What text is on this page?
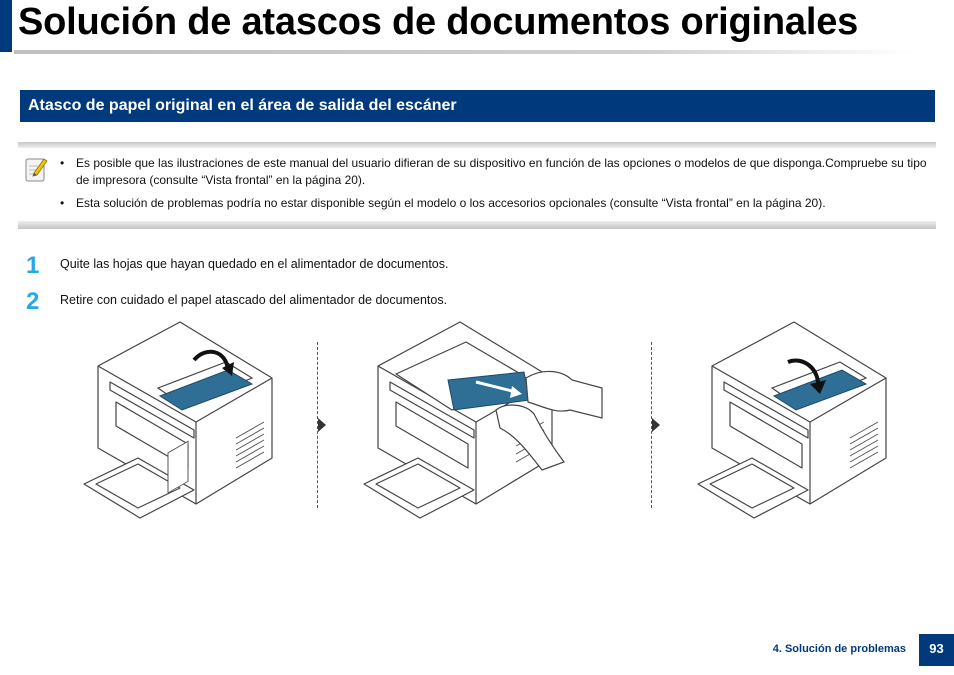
Solución de atascos de documentos originales
Atasco de papel original en el área de salida del escáner
• Es posible que las ilustraciones de este manual del usuario difieran de su dispositivo en función de las opciones o modelos de que disponga.Compruebe su tipo de impresora (consulte “Vista frontal” en la página 20).
• Esta solución de problemas podría no estar disponible según el modelo o los accesorios opcionales (consulte “Vista frontal” en la página 20).
1 Quite las hojas que hayan quedado en el alimentador de documentos.
2 Retire con cuidado el papel atascado del alimentador de documentos.
4. Solución de problemas	93
